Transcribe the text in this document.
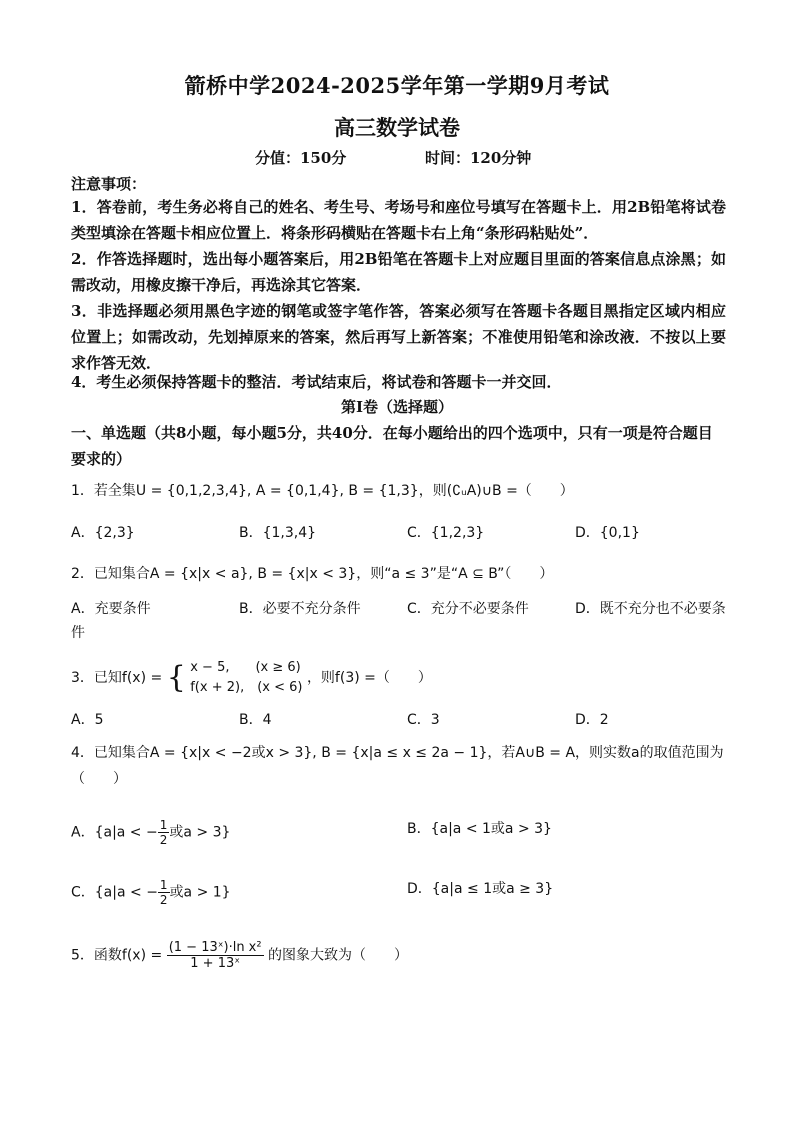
箭桥中学2024-2025学年第一学期9月考试
高三数学试卷
分值：150分	时间：120分钟
注意事项：
1．答卷前，考生务必将自己的姓名、考生号、考场号和座位号填写在答题卡上．用2B铅笔将试卷类型填涂在答题卡相应位置上．将条形码横贴在答题卡右上角“条形码粘贴处”．
2．作答选择题时，选出每小题答案后，用2B铅笔在答题卡上对应题目里面的答案信息点涂黑；如需改动，用橡皮擦干净后，再选涂其它答案．
3．非选择题必须用黑色字迹的钢笔或签字笔作答，答案必须写在答题卡各题目黑指定区域内相应位置上；如需改动，先划掉原来的答案，然后再写上新答案；不准使用铅笔和涂改液．不按以上要求作答无效．
4．考生必须保持答题卡的整洁．考试结束后，将试卷和答题卡一并交回．
第Ⅰ卷（选择题）
一、单选题（共8小题，每小题5分，共40分．在每小题给出的四个选项中，只有一项是符合题目要求的）
1．若全集U = {0,1,2,3,4}, A = {0,1,4}, B = {1,3}，则(∁ᵤA)∪B =（　　）
A．{2,3}	B．{1,3,4}	C．{1,2,3}	D．{0,1}
2．已知集合A = {x|x < a}, B = {x|x < 3}，则“a ≤ 3”是“A ⊆ B”（　　）
A．充要条件	B．必要不充分条件	C．充分不必要条件	D．既不充分也不必要条
件
3．已知f(x) = { x − 5,　　(x ≥ 6)
f(x + 2),　(x < 6)
，则f(3) =（　　）
A．5	B．4	C．3	D．2
4．已知集合A = {x|x < −2或x > 3}, B = {x|a ≤ x ≤ 2a − 1}，若A∪B = A，则实数a的取值范围为（　　）
A．{a|a < − $\frac{1}{2}$ 或a > 3}	B．{a|a < 1或a > 3}
C．{a|a < − $\frac{1}{2}$ 或a > 1}	D．{a|a ≤ 1或a ≥ 3}
5．函数$f(x) = \frac{\text{(1 − 13ˣ)·ln x²}}{\text{1 + 13ˣ}}$ 的图象大致为（　　）
